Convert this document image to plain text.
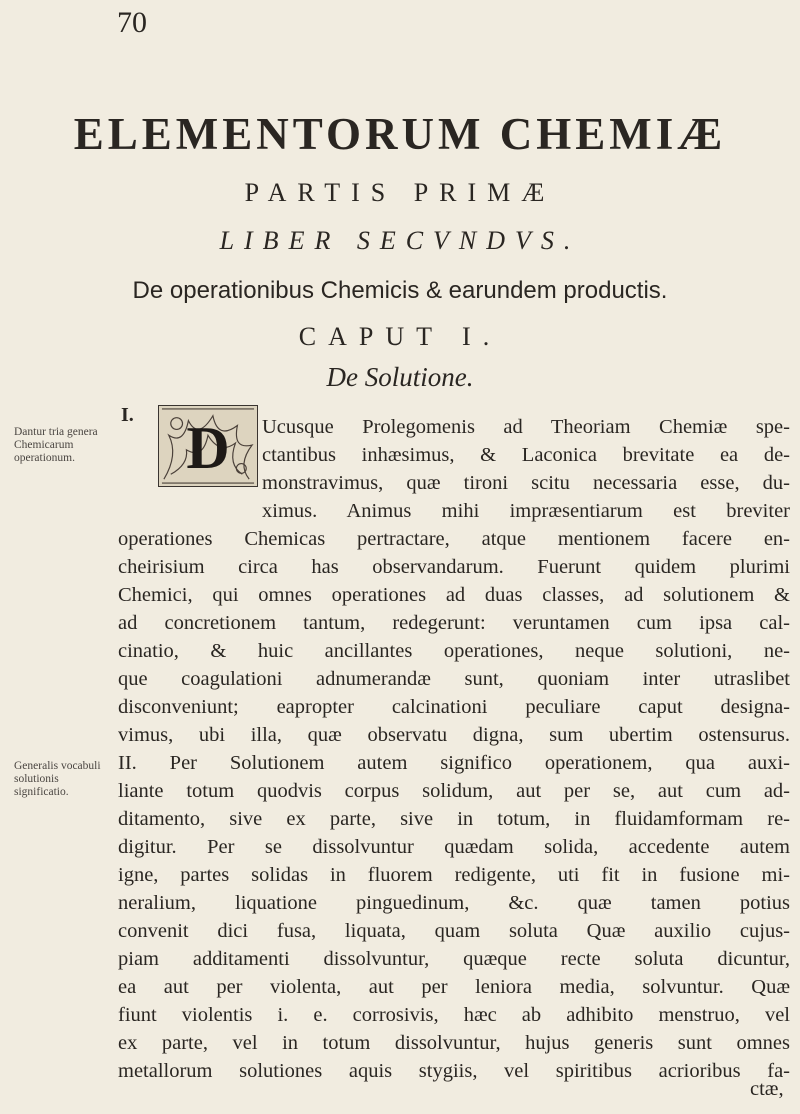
70
ELEMENTORUM CHEMIÆ
PARTIS PRIMÆ
LIBER SECVNDVS.
De operationibus Chemicis & earundem productis.
CAPUT I.
De Solutione.
Dantur tria genera Chemicarum operationum.
Generalis vocabuli solutionis significatio.
I. D	Ucusque Prolegomenis ad Theoriam Chemiæ spe-
ctantibus inhæsimus, & Laconica brevitate ea de-
monstravimus, quæ tironi scitu necessaria esse, du-
ximus. Animus mihi impræsentiarum est breviter
operationes Chemicas pertractare, atque mentionem facere en-
cheirisium circa has observandarum. Fuerunt quidem plurimi
Chemici, qui omnes operationes ad duas classes, ad solutionem &
ad concretionem tantum, redegerunt: veruntamen cum ipsa cal-
cinatio, & huic ancillantes operationes, neque solutioni, ne-
que coagulationi adnumerandæ sunt, quoniam inter utraslibet
disconveniunt; eapropter calcinationi peculiare caput designa-
vimus, ubi illa, quæ observatu digna, sum ubertim ostensurus.
II. Per Solutionem autem significo operationem, qua auxi-
liante totum quodvis corpus solidum, aut per se, aut cum ad-
ditamento, sive ex parte, sive in totum, in fluidamformam re-
digitur. Per se dissolvuntur quædam solida, accedente autem
igne, partes solidas in fluorem redigente, uti fit in fusione mi-
neralium, liquatione pinguedinum, &c. quæ tamen potius
convenit dici fusa, liquata, quam soluta Quæ auxilio cujus-
piam additamenti dissolvuntur, quæque recte soluta dicuntur,
ea aut per violenta, aut per leniora media, solvuntur. Quæ
fiunt violentis i. e. corrosivis, hæc ab adhibito menstruo, vel
ex parte, vel in totum dissolvuntur, hujus generis sunt omnes
metallorum solutiones aquis stygiis, vel spiritibus acrioribus fa-
ctæ,
